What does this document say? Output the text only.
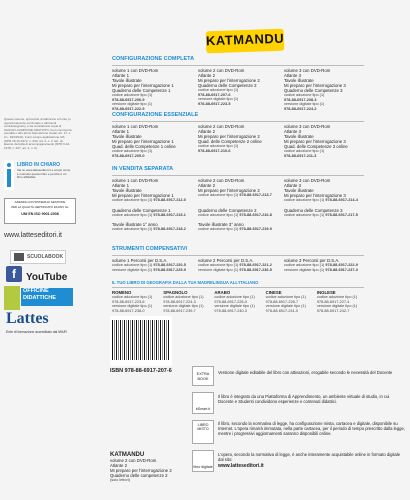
Questo volume, sprovvisto di talloncino a fronte (o opportunamente punzonato o altrimenti contrassegnato), è da considerarsi copia di SAGGIO-CAMPIONE GRATUITO, fuori commercio (vendita e altri atti di disposizione vietati: art. 17, c. 2 L. 633/1941). Fuori campo applicazione IVA (DPR 26-10-1972, n. 633, art. 2, c. 3, lett. d). Esente da bolla di accompagnamento (DPR 6-10-1978, n. 627, art. 4, n. 6).
LIBRO IN CHIARO
Vai su www.latteseditori.it e scopri come è costruito questo libro e perché è un libro affidabile.
AZIENDA CON SISTEMA DI GESTIONE
PER LA QUALITÀ CERTIFICATO DA DNV GL
UNI EN ISO 9001:2008
www.latteseditori.it
SCUOLABOOK
f	YouTube
OFFICINE DIDATTICHE
Lattes
Ente di formazione accreditato dal MIUR
KATMANDU
CONFIGURAZIONE COMPLETA
volume 1 con DVD-Rom
Atlante 1
Tavole illustrate
Mi preparo per l'interrogazione 1
Quaderno delle Competenze 1
codice adozione tipo (1)
978-88-6917-206-9
versione digitale tipo (1)
978-88-6917-222-9
volume 2 con DVD-Rom
Atlante 2
Mi preparo per l'interrogazione 2
Quaderno delle Competenze 2
codice adozione tipo (1)
978-88-6917-207-6
versione digitale tipo (1)
978-88-6917-223-5
volume 3 con DVD-Rom
Atlante 3
Tavole illustrate
Mi preparo per l'interrogazione 3
Quaderno delle Competenze 3
codice adozione tipo (1)
978-88-6917-208-3
versione digitale tipo (1)
978-88-6917-224-2
CONFIGURAZIONE ESSENZIALE
volume 1 con DVD-Rom
Atlante 1
Tavole illustrate
Mi preparo per l'interrogazione 1
Quad. delle Competenze 1 online
codice adozione tipo (1)
978-88-6917-209-0
volume 2 con DVD-Rom
Atlante 2
Mi preparo per l'interrogazione 2
Quad. delle Competenze 2 online
codice adozione tipo (1)
978-88-6917-210-6
volume 3 con DVD-Rom
Atlante 3
Tavole illustrate
Mi preparo per l'interrogazione 3
Quad. delle Competenze 3 online
codice adozione tipo (1)
978-88-6917-211-3
IN VENDITA SEPARATA
volume 1 con DVD-Rom
Atlante 1
Tavole illustrate
Mi preparo per l'interrogazione 1
codice adozione tipo (1) 978-88-6917-212-0
Quaderno delle Competenze 1
codice adozione tipo (1) 978-88-6917-215-1
Tavole illustrate 1° anno
codice adozione tipo (1) 978-88-6917-218-2
volume 2 con DVD-Rom
Atlante 2
Mi preparo per l'interrogazione 2
codice adozione tipo (1) 978-88-6917-213-7
Quaderno delle Competenze 2
codice adozione tipo (1) 978-88-6917-216-8
Tavole illustrate 3° anno
codice adozione tipo (1) 978-88-6917-219-9
volume 3 con DVD-Rom
Atlante 3
Tavole illustrate
Mi preparo per l'interrogazione 3
codice adozione tipo (1) 978-88-6917-214-4
Quaderno delle Competenze 3
codice adozione tipo (1) 978-88-6917-217-5
STRUMENTI COMPENSATIVI
volume 1 Percorsi per D.S.A.
codice adozione tipo (1) 978-88-6917-220-5
versione digitale tipo (1) 978-88-6917-225-9
volume 2 Percorsi per D.S.A.
codice adozione tipo (1) 978-88-6917-221-2
versione digitale tipo (1) 978-88-6917-236-5
volume 3 Percorsi per D.S.A.
codice adozione tipo (1) 978-88-6917-222-9
versione digitale tipo (1) 978-88-6917-237-3
IL TUO LIBRO DI GEOGRAFIA DALLA TUA MADRELINGUA ALL'ITALIANO
ROMENO
codice adozione tipo (1)
978-88-6917-223-6
versione digitale tipo (1)
978-88-6917-238-0
SPAGNOLO
codice adozione tipo (1)
978-88-6917-224-3
versione digitale tipo (1)
978-88-6917-239-7
ARABO
codice adozione tipo (1)
978-88-6917-225-0
versione digitale tipo (1)
978-88-6917-240-3
CINESE
codice adozione tipo (1)
978-88-6917-226-7
versione digitale tipo (1)
978-88-6917-241-0
INGLESE
codice adozione tipo (1)
978-88-6917-227-4
versione digitale tipo (1)
978-88-6917-242-7
ISBN 978-88-6917-207-6	EXTRA BOOK
Versione digitale editabile del libro con attivazioni, erogabile secondo le necessità del Docente
bSmart.it
Il libro è integrato da una Piattaforma di Apprendimento, un ambiente virtuale di studio, in cui Docente e Studenti condividono esperienze e contenuti didattici.
LIBRO MISTO
Il libro, secondo la normativa di legge, ha configurazione mista, cartacea e digitale, disponibile su Internet. L'opera rimarrà immutata, nella parte cartacea, per il periodo di tempo prescritto dalla legge, mentre i progressivi aggiornamenti saranno disponibili online.
libro digitale
L'opera, secondo la normativa di legge, è anche interamente acquistabile online in formato digitale dal sito:
www.latteseditori.it
KATMANDU
volume 2 con DVD-Rom
Atlante 2
Mi preparo per l'interrogazione 2
Quaderno delle competenze 2
(solo lettori)
